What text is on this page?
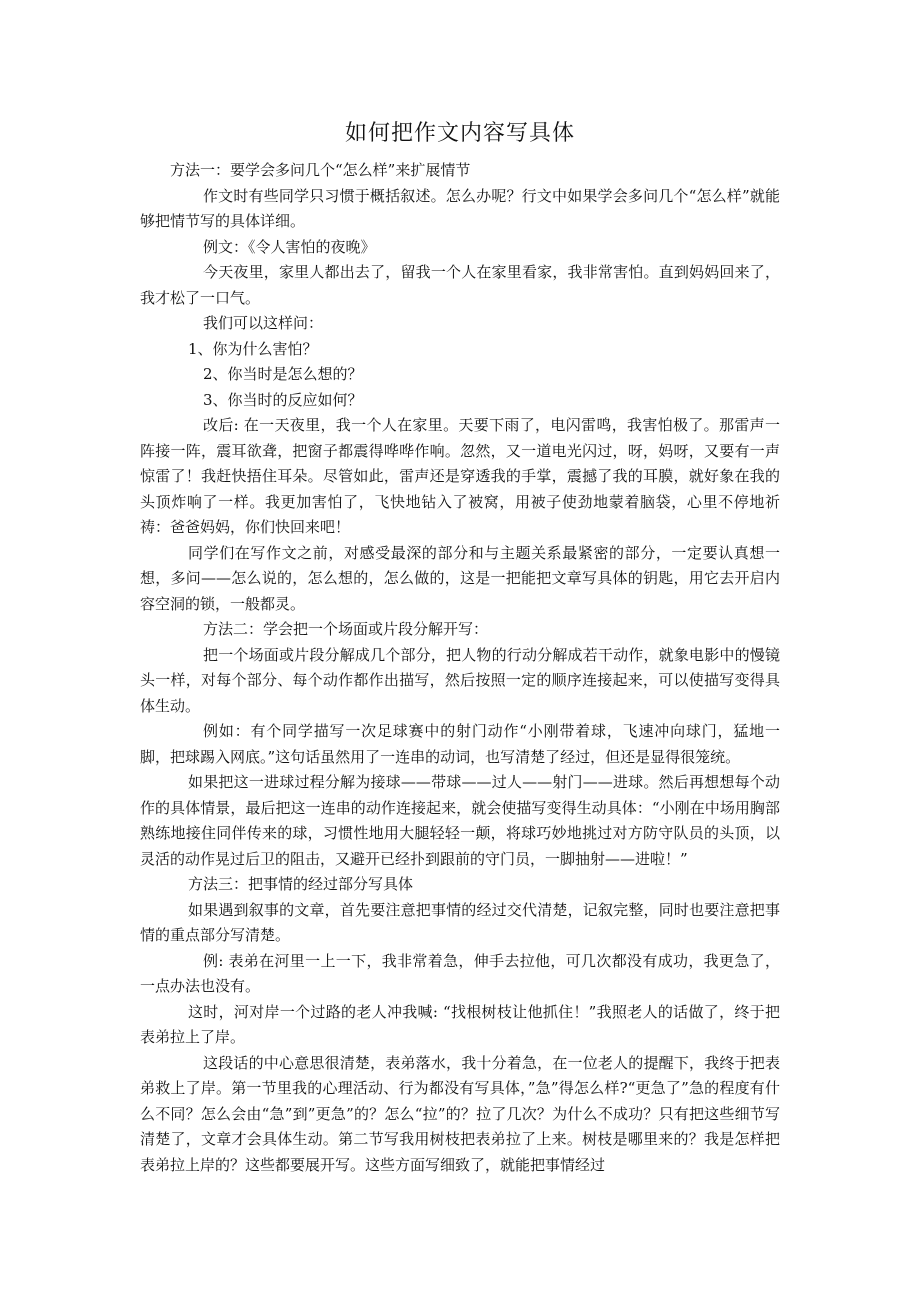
如何把作文内容写具体

方法一：要学会多问几个“怎么样”来扩展情节

作文时有些同学只习惯于概括叙述。怎么办呢？行文中如果学会多问几个“怎么样”就能够把情节写的具体详细。

例文：《令人害怕的夜晚》

今天夜里，家里人都出去了，留我一个人在家里看家，我非常害怕。直到妈妈回来了，我才松了一口气。

我们可以这样问：

1、你为什么害怕？

2、你当时是怎么想的？

3、你当时的反应如何？

改后: 在一天夜里，我一个人在家里。天要下雨了，电闪雷鸣，我害怕极了。那雷声一阵接一阵，震耳欲聋，把窗子都震得哗哗作响。忽然，又一道电光闪过，呀，妈呀，又要有一声惊雷了！我赶快捂住耳朵。尽管如此，雷声还是穿透我的手掌，震撼了我的耳膜，就好象在我的头顶炸响了一样。我更加害怕了，飞快地钻入了被窝，用被子使劲地蒙着脑袋，心里不停地祈祷：爸爸妈妈，你们快回来吧！

同学们在写作文之前，对感受最深的部分和与主题关系最紧密的部分，一定要认真想一想，多问——怎么说的，怎么想的，怎么做的，这是一把能把文章写具体的钥匙，用它去开启内容空洞的锁，一般都灵。

方法二：学会把一个场面或片段分解开写：

把一个场面或片段分解成几个部分，把人物的行动分解成若干动作，就象电影中的慢镜头一样，对每个部分、每个动作都作出描写，然后按照一定的顺序连接起来，可以使描写变得具体生动。

例如：有个同学描写一次足球赛中的射门动作“小刚带着球，飞速冲向球门，猛地一脚，把球踢入网底。”这句话虽然用了一连串的动词，也写清楚了经过，但还是显得很笼统。

如果把这一进球过程分解为接球——带球——过人——射门——进球。然后再想想每个动作的具体情景，最后把这一连串的动作连接起来，就会使描写变得生动具体：“小刚在中场用胸部熟练地接住同伴传来的球，习惯性地用大腿轻轻一颠，将球巧妙地挑过对方防守队员的头顶，以灵活的动作晃过后卫的阻击，又避开已经扑到跟前的守门员，一脚抽射——进啦！”

方法三：把事情的经过部分写具体

如果遇到叙事的文章，首先要注意把事情的经过交代清楚，记叙完整，同时也要注意把事情的重点部分写清楚。

例: 表弟在河里一上一下，我非常着急，伸手去拉他，可几次都没有成功，我更急了，一点办法也没有。

这时，河对岸一个过路的老人冲我喊: “找根树枝让他抓住！”我照老人的话做了，终于把表弟拉上了岸。

这段话的中心意思很清楚，表弟落水，我十分着急，在一位老人的提醒下，我终于把表弟救上了岸。第一节里我的心理活动、行为都没有写具体，”急”得怎么样?“更急了”急的程度有什么不同？怎么会由“急”到”更急”的？怎么“拉”的？拉了几次？为什么不成功？只有把这些细节写清楚了，文章才会具体生动。第二节写我用树枝把表弟拉了上来。树枝是哪里来的？我是怎样把表弟拉上岸的？这些都要展开写。这些方面写细致了，就能把事情经过
